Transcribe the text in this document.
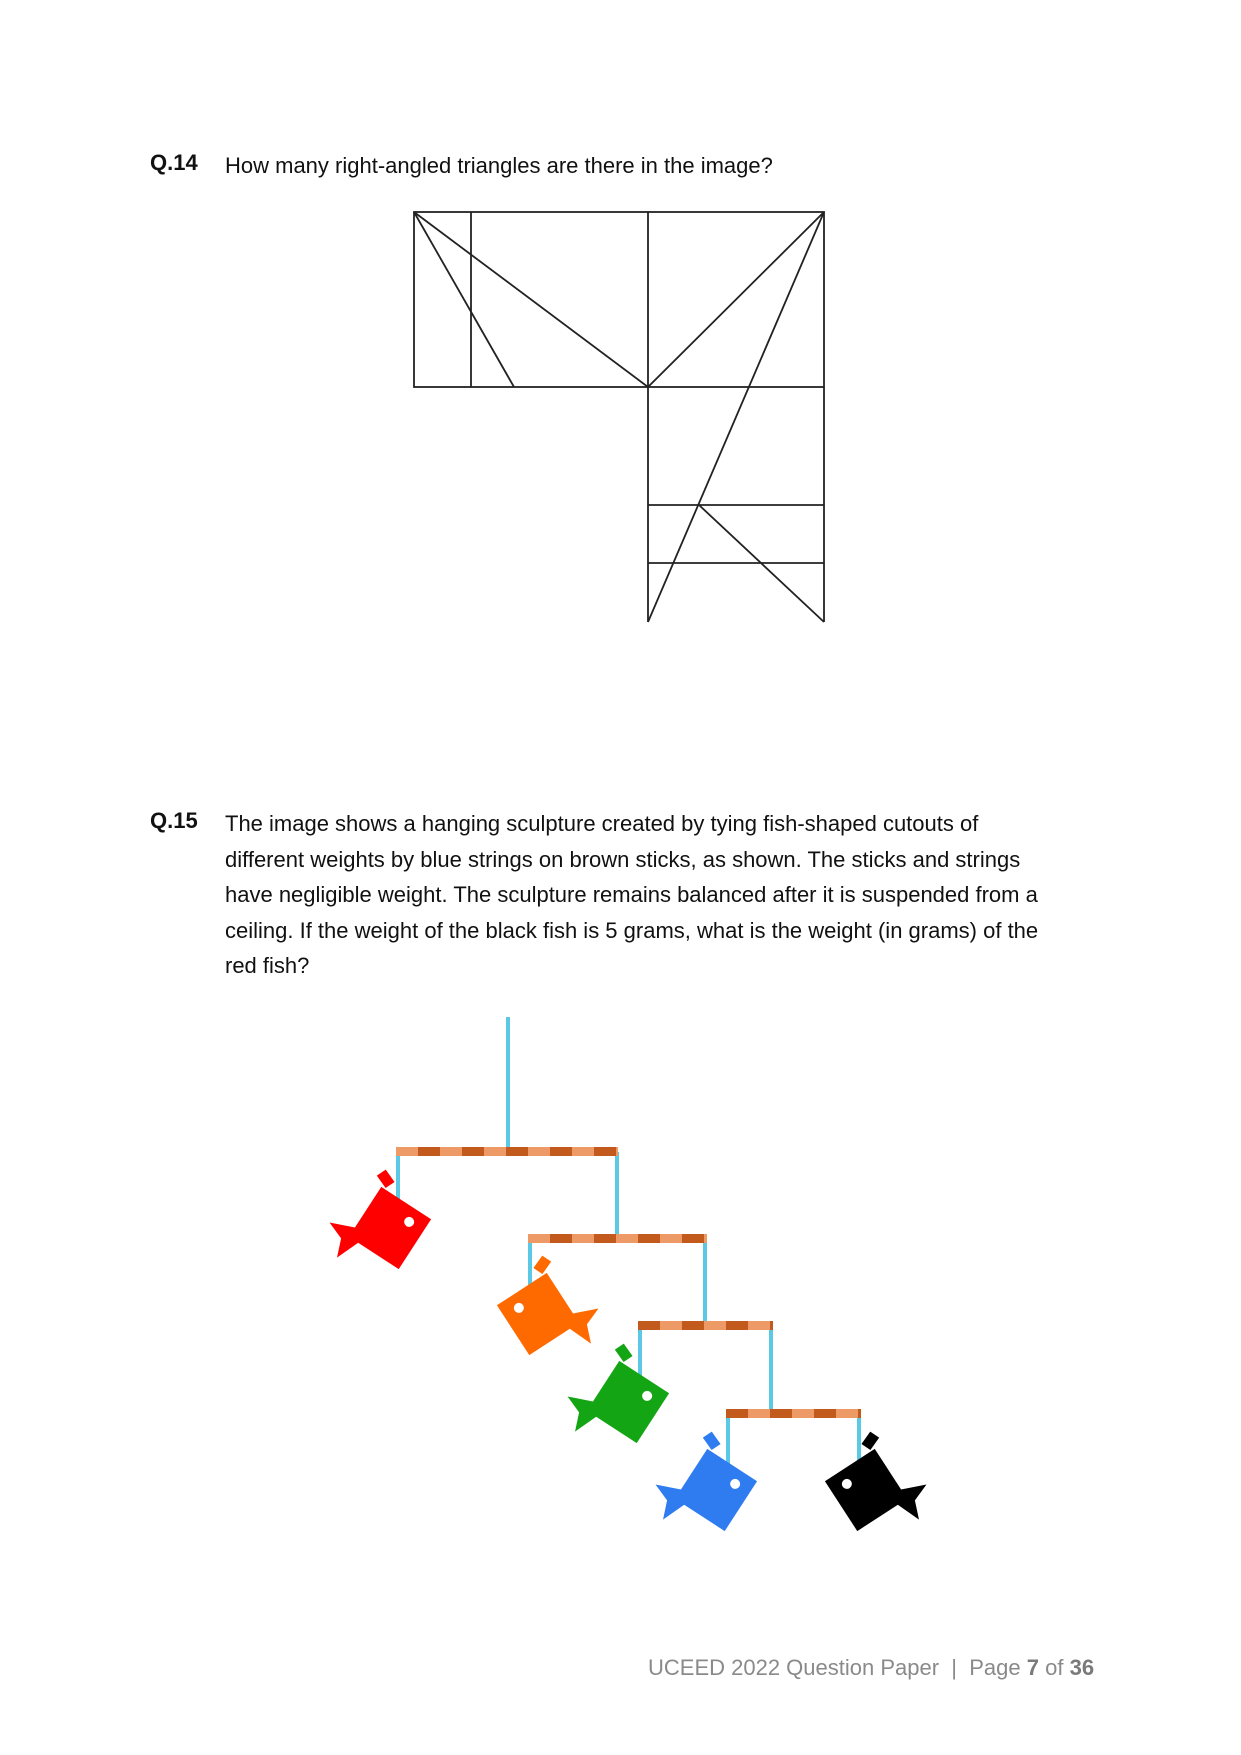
Q.14 How many right-angled triangles are there in the image?
Q.15 The image shows a hanging sculpture created by tying fish-shaped cutouts of
different weights by blue strings on brown sticks, as shown. The sticks and strings
have negligible weight. The sculpture remains balanced after it is suspended from a
ceiling. If the weight of the black fish is 5 grams, what is the weight (in grams) of the
red fish?
UCEED 2022 Question Paper | Page 7 of 36
